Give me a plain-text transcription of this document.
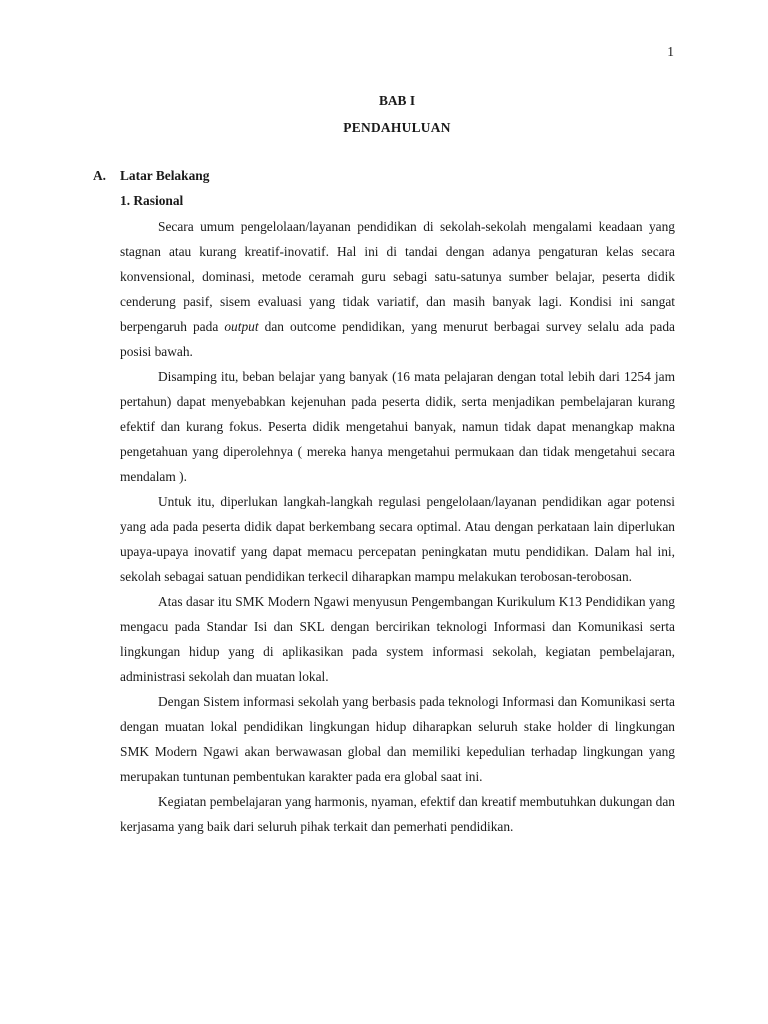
1
BAB I
PENDAHULUAN
A. Latar Belakang
1. Rasional

Secara umum pengelolaan/layanan pendidikan di sekolah-sekolah mengalami keadaan yang stagnan atau kurang kreatif-inovatif. Hal ini di tandai dengan adanya pengaturan kelas secara konvensional, dominasi, metode ceramah guru sebagi satu-satunya sumber belajar, peserta didik cenderung pasif, sisem evaluasi yang tidak variatif, dan masih banyak lagi. Kondisi ini sangat berpengaruh pada output dan outcome pendidikan, yang menurut berbagai survey selalu ada pada posisi bawah.

Disamping itu, beban belajar yang banyak (16 mata pelajaran dengan total lebih dari 1254 jam pertahun) dapat menyebabkan kejenuhan pada peserta didik, serta menjadikan pembelajaran kurang efektif dan kurang fokus. Peserta didik mengetahui banyak, namun tidak dapat menangkap makna pengetahuan yang diperolehnya ( mereka hanya mengetahui permukaan dan tidak mengetahui secara mendalam ).

Untuk itu, diperlukan langkah-langkah regulasi pengelolaan/layanan pendidikan agar potensi yang ada pada peserta didik dapat berkembang secara optimal. Atau dengan perkataan lain diperlukan upaya-upaya inovatif yang dapat memacu percepatan peningkatan mutu pendidikan. Dalam hal ini, sekolah sebagai satuan pendidikan terkecil diharapkan mampu melakukan terobosan-terobosan.

Atas dasar itu SMK Modern Ngawi menyusun Pengembangan Kurikulum K13 Pendidikan yang mengacu pada Standar Isi dan SKL dengan bercirikan teknologi Informasi dan Komunikasi serta lingkungan hidup yang di aplikasikan pada system informasi sekolah, kegiatan pembelajaran, administrasi sekolah dan muatan lokal.

Dengan Sistem informasi sekolah yang berbasis pada teknologi Informasi dan Komunikasi serta dengan muatan lokal pendidikan lingkungan hidup diharapkan seluruh stake holder di lingkungan SMK Modern Ngawi akan berwawasan global dan memiliki kepedulian terhadap lingkungan yang merupakan tuntunan pembentukan karakter pada era global saat ini.

Kegiatan pembelajaran yang harmonis, nyaman, efektif dan kreatif membutuhkan dukungan dan kerjasama yang baik dari seluruh pihak terkait dan pemerhati pendidikan.
